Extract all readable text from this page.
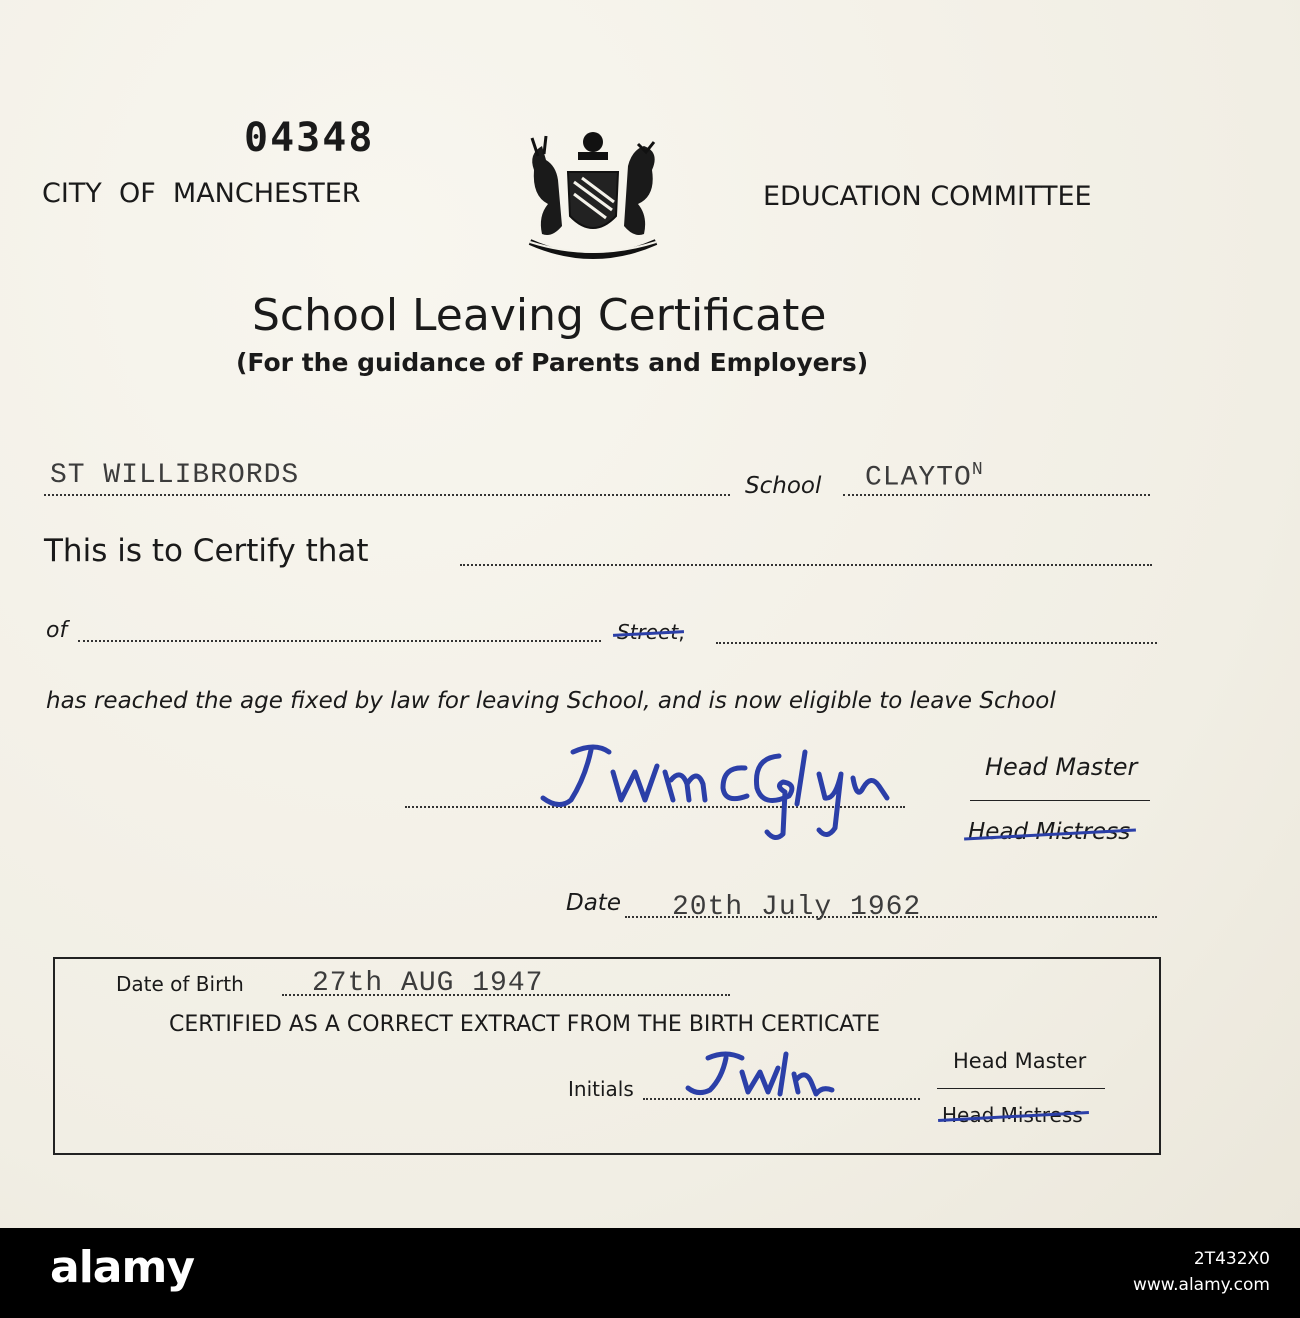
04348
CITY  OF  MANCHESTER	EDUCATION COMMITTEE
School Leaving Certificate
(For the guidance of Parents and Employers)
ST WILLIBRORDS	School $CLAYTO^N$
This is to Certify that
of	Street,
has reached the age fixed by law for leaving School, and is now eligible to leave School
Head Master
Head Mistress
Date 20th July 1962
Date of Birth 27th AUG 1947
CERTIFIED AS A CORRECT EXTRACT FROM THE BIRTH CERTICATE
Initials
Head Master
Head Mistress
alamy	2T432X0
www.alamy.com
